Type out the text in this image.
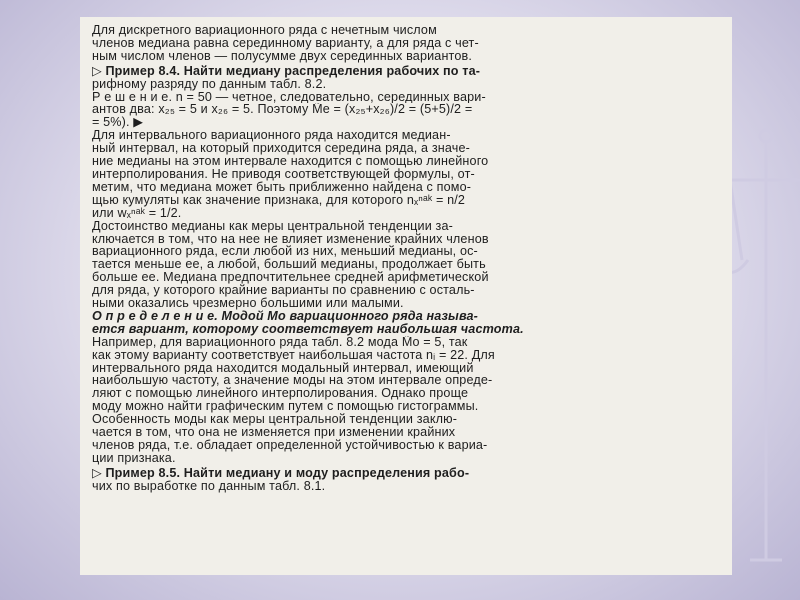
Для дискретного вариационного ряда с нечетным числом
членов медиана равна серединному варианту, а для ряда с чет-
ным числом членов — полусумме двух серединных вариантов.
▷ Пример 8.4. Найти медиану распределения рабочих по та-
рифному разряду по данным табл. 8.2.
Р е ш е н и е. n = 50 — четное, следовательно, серединных вари-
антов два: x₂₅ = 5 и x₂₆ = 5. Поэтому M̃e = (x₂₅+x₂₆)/2 = (5+5)/2 =
= 5%). ▶
Для интервального вариационного ряда находится медиан-
ный интервал, на который приходится середина ряда, а значе-
ние медианы на этом интервале находится с помощью линейного
интерполирования. Не приводя соответствующей формулы, от-
метим, что медиана может быть приближенно найдена с помо-
щью кумуляты как значение признака, для которого nₓⁿᵃᵏ = n/2
или wₓⁿᵃᵏ = 1/2.
Достоинство медианы как меры центральной тенденции за-
ключается в том, что на нее не влияет изменение крайних членов
вариационного ряда, если любой из них, меньший медианы, ос-
тается меньше ее, а любой, больший медианы, продолжает быть
больше ее. Медиана предпочтительнее средней арифметической
для ряда, у которого крайние варианты по сравнению с осталь-
ными оказались чрезмерно большими или малыми.
О п р е д е л е н и е. Модой M̃o вариационного ряда называ-
ется вариант, которому соответствует наибольшая частота.
Например, для вариационного ряда табл. 8.2 мода M̃o = 5, так
как этому варианту соответствует наибольшая частота nᵢ = 22. Для
интервального ряда находится модальный интервал, имеющий
наибольшую частоту, а значение моды на этом интервале опреде-
ляют с помощью линейного интерполирования. Однако проще
моду можно найти графическим путем с помощью гистограммы.
Особенность моды как меры центральной тенденции заклю-
чается в том, что она не изменяется при изменении крайних
членов ряда, т.е. обладает определенной устойчивостью к вариа-
ции признака.
▷ Пример 8.5. Найти медиану и моду распределения рабо-
чих по выработке по данным табл. 8.1.
